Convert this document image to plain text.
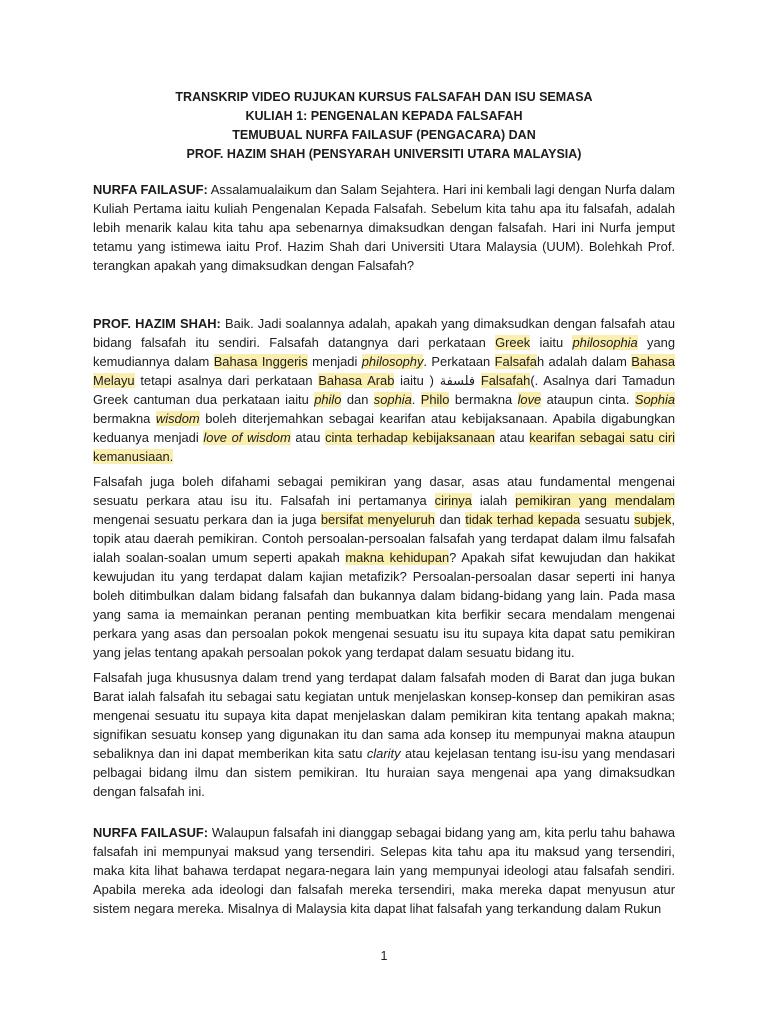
TRANSKRIP VIDEO RUJUKAN KURSUS FALSAFAH DAN ISU SEMASA
KULIAH 1: PENGENALAN KEPADA FALSAFAH
TEMUBUAL NURFA FAILASUF (PENGACARA) DAN
PROF. HAZIM SHAH (PENSYARAH UNIVERSITI UTARA MALAYSIA)

NURFA FAILASUF: Assalamualaikum dan Salam Sejahtera. Hari ini kembali lagi dengan Nurfa dalam Kuliah Pertama iaitu kuliah Pengenalan Kepada Falsafah. Sebelum kita tahu apa itu falsafah, adalah lebih menarik kalau kita tahu apa sebenarnya dimaksudkan dengan falsafah. Hari ini Nurfa jemput tetamu yang istimewa iaitu Prof. Hazim Shah dari Universiti Utara Malaysia (UUM). Bolehkah Prof. terangkan apakah yang dimaksudkan dengan Falsafah?

PROF. HAZIM SHAH: Baik. Jadi soalannya adalah, apakah yang dimaksudkan dengan falsafah atau bidang falsafah itu sendiri. Falsafah datangnya dari perkataan Greek iaitu philosophia yang kemudiannya dalam Bahasa Inggeris menjadi philosophy. Perkataan Falsafah adalah dalam Bahasa Melayu tetapi asalnya dari perkataan Bahasa Arab iaitu ) فلسفة Falsafah(. Asalnya dari Tamadun Greek cantuman dua perkataan iaitu philo dan sophia. Philo bermakna love ataupun cinta. Sophia bermakna wisdom boleh diterjemahkan sebagai kearifan atau kebijaksanaan. Apabila digabungkan keduanya menjadi love of wisdom atau cinta terhadap kebijaksanaan atau kearifan sebagai satu ciri kemanusiaan.

Falsafah juga boleh difahami sebagai pemikiran yang dasar, asas atau fundamental mengenai sesuatu perkara atau isu itu. Falsafah ini pertamanya cirinya ialah pemikiran yang mendalam mengenai sesuatu perkara dan ia juga bersifat menyeluruh dan tidak terhad kepada sesuatu subjek, topik atau daerah pemikiran. Contoh persoalan-persoalan falsafah yang terdapat dalam ilmu falsafah ialah soalan-soalan umum seperti apakah makna kehidupan? Apakah sifat kewujudan dan hakikat kewujudan itu yang terdapat dalam kajian metafizik? Persoalan-persoalan dasar seperti ini hanya boleh ditimbulkan dalam bidang falsafah dan bukannya dalam bidang-bidang yang lain. Pada masa yang sama ia memainkan peranan penting membuatkan kita berfikir secara mendalam mengenai perkara yang asas dan persoalan pokok mengenai sesuatu isu itu supaya kita dapat satu pemikiran yang jelas tentang apakah persoalan pokok yang terdapat dalam sesuatu bidang itu.

Falsafah juga khususnya dalam trend yang terdapat dalam falsafah moden di Barat dan juga bukan Barat ialah falsafah itu sebagai satu kegiatan untuk menjelaskan konsep-konsep dan pemikiran asas mengenai sesuatu itu supaya kita dapat menjelaskan dalam pemikiran kita tentang apakah makna; signifikan sesuatu konsep yang digunakan itu dan sama ada konsep itu mempunyai makna ataupun sebaliknya dan ini dapat memberikan kita satu clarity atau kejelasan tentang isu-isu yang mendasari pelbagai bidang ilmu dan sistem pemikiran. Itu huraian saya mengenai apa yang dimaksudkan dengan falsafah ini.

NURFA FAILASUF: Walaupun falsafah ini dianggap sebagai bidang yang am, kita perlu tahu bahawa falsafah ini mempunyai maksud yang tersendiri. Selepas kita tahu apa itu maksud yang tersendiri, maka kita lihat bahawa terdapat negara-negara lain yang mempunyai ideologi atau falsafah sendiri. Apabila mereka ada ideologi dan falsafah mereka tersendiri, maka mereka dapat menyusun atur sistem negara mereka. Misalnya di Malaysia kita dapat lihat falsafah yang terkandung dalam Rukun

1
